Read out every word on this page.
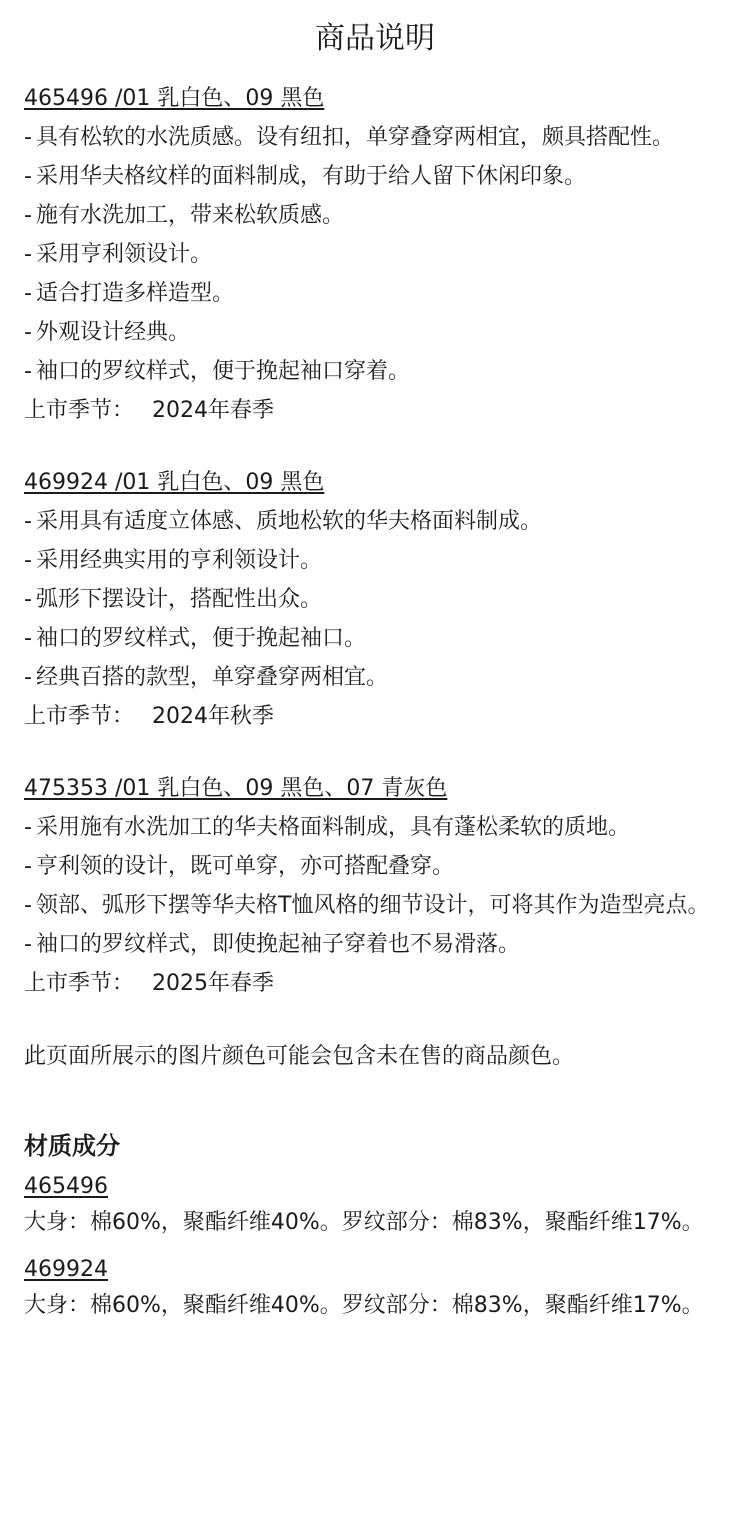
商品说明
465496 /01 乳白色、09 黑色
- 具有松软的水洗质感。设有纽扣，单穿叠穿两相宜，颇具搭配性。
- 采用华夫格纹样的面料制成，有助于给人留下休闲印象。
- 施有水洗加工，带来松软质感。
- 采用亨利领设计。
- 适合打造多样造型。
- 外观设计经典。
- 袖口的罗纹样式，便于挽起袖口穿着。
上市季节： 2024年春季
469924 /01 乳白色、09 黑色
- 采用具有适度立体感、质地松软的华夫格面料制成。
- 采用经典实用的亨利领设计。
- 弧形下摆设计，搭配性出众。
- 袖口的罗纹样式，便于挽起袖口。
- 经典百搭的款型，单穿叠穿两相宜。
上市季节： 2024年秋季
475353 /01 乳白色、09 黑色、07 青灰色
- 采用施有水洗加工的华夫格面料制成，具有蓬松柔软的质地。
- 亨利领的设计，既可单穿，亦可搭配叠穿。
- 领部、弧形下摆等华夫格T恤风格的细节设计，可将其作为造型亮点。
- 袖口的罗纹样式，即使挽起袖子穿着也不易滑落。
上市季节： 2025年春季

此页面所展示的图片颜色可能会包含未在售的商品颜色。

材质成分
465496
大身：棉60%，聚酯纤维40%。罗纹部分：棉83%，聚酯纤维17%。
469924
大身：棉60%，聚酯纤维40%。罗纹部分：棉83%，聚酯纤维17%。
